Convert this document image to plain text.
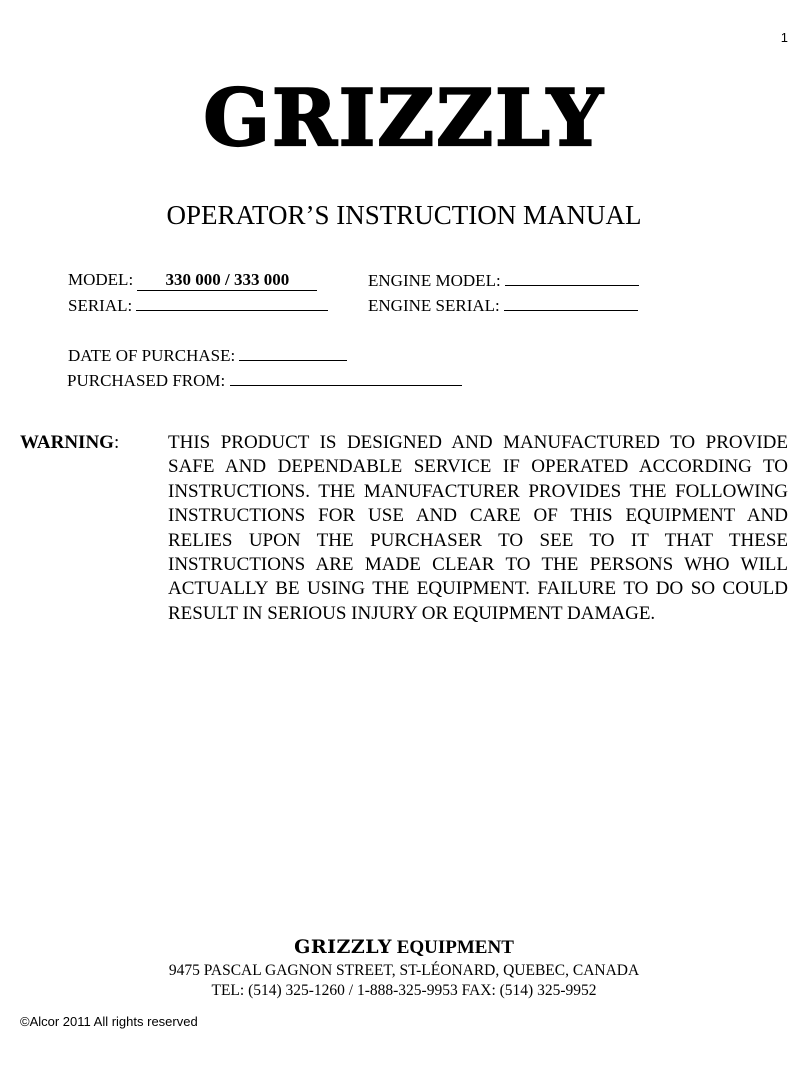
1
GRIZZLY
OPERATOR’S INSTRUCTION MANUAL
MODEL: 330 000 / 333 000	ENGINE MODEL:
SERIAL:	ENGINE SERIAL:
DATE OF PURCHASE:
PURCHASED FROM:
WARNING:	THIS PRODUCT IS DESIGNED AND MANUFACTURED TO PROVIDE SAFE AND DEPENDABLE SERVICE IF OPERATED ACCORDING TO INSTRUCTIONS. THE MANUFACTURER PROVIDES THE FOLLOWING INSTRUCTIONS FOR USE AND CARE OF THIS EQUIPMENT AND RELIES UPON THE PURCHASER TO SEE TO IT THAT THESE INSTRUCTIONS ARE MADE CLEAR TO THE PERSONS WHO WILL ACTUALLY BE USING THE EQUIPMENT. FAILURE TO DO SO COULD RESULT IN SERIOUS INJURY OR EQUIPMENT DAMAGE.
GRIZZLY EQUIPMENT
9475 PASCAL GAGNON STREET, ST-LÉONARD, QUEBEC, CANADA
TEL: (514) 325-1260 / 1-888-325-9953 FAX: (514) 325-9952
©Alcor 2011 All rights reserved
